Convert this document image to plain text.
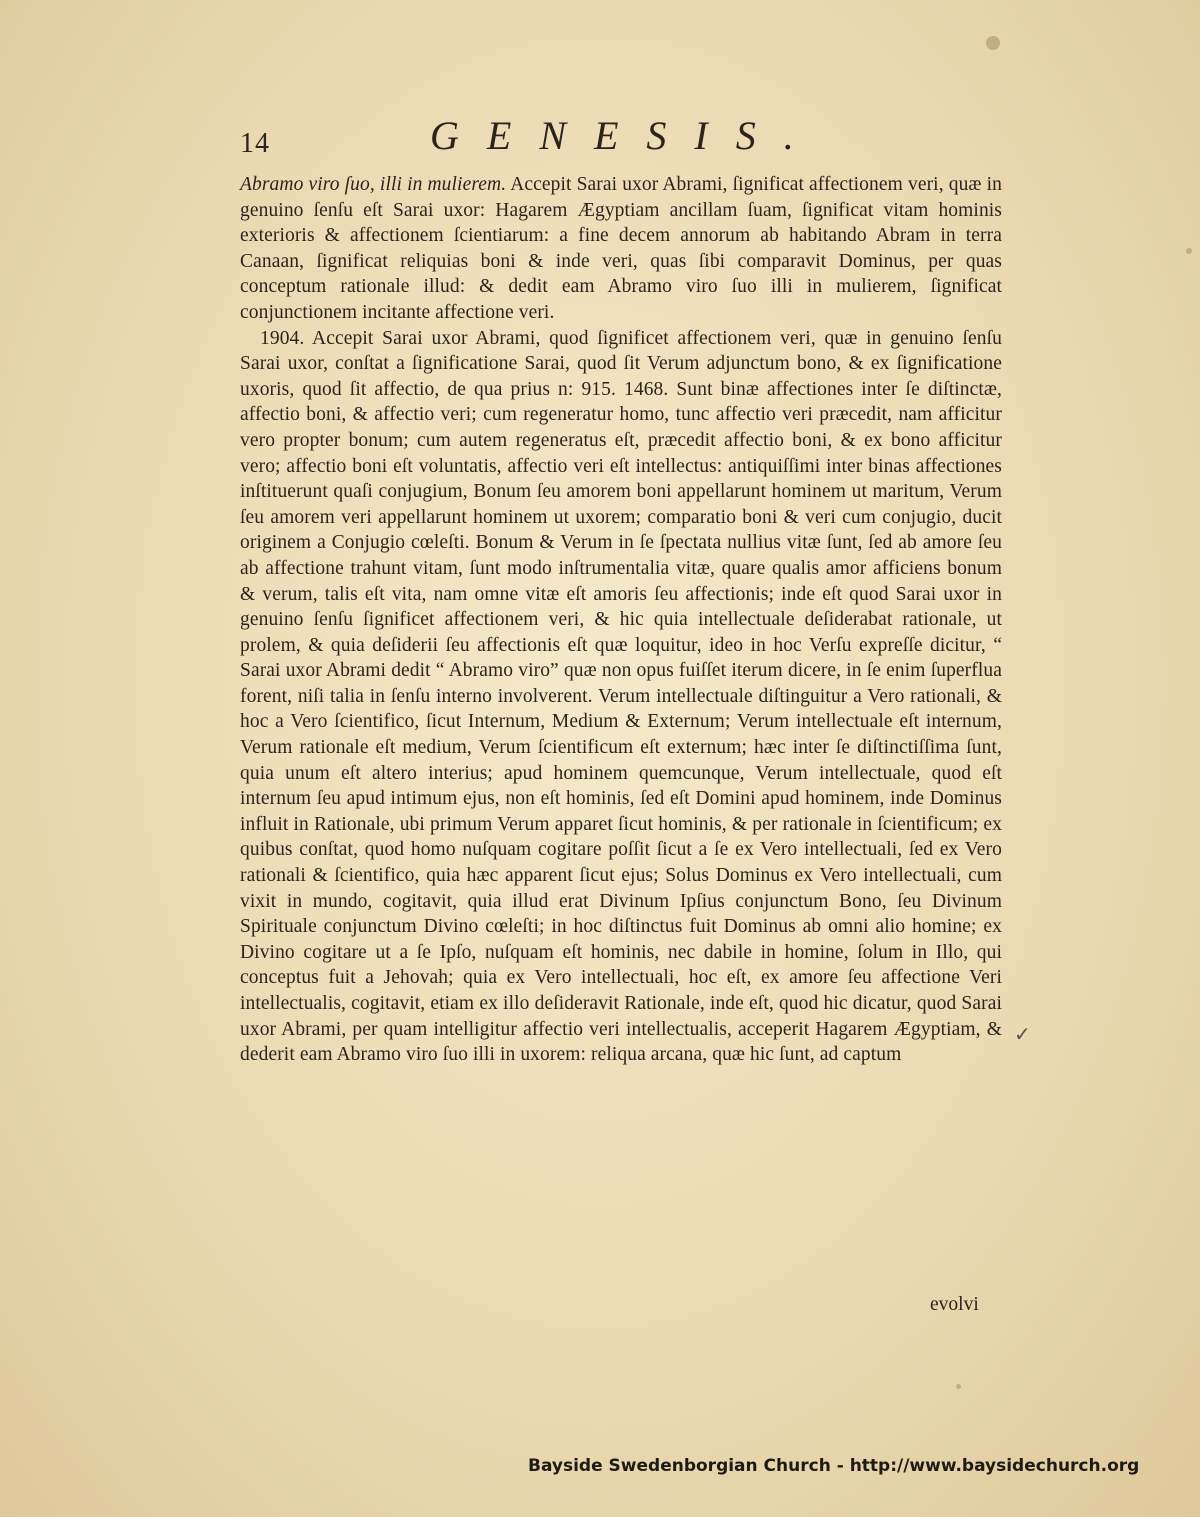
14	GENESIS.

Abramo viro ſuo, illi in mulierem. Accepit Sarai uxor Abrami, ſignificat affectionem veri, quæ in genuino ſenſu eſt Sarai uxor: Hagarem Ægyptiam ancillam ſuam, ſignificat vitam hominis exterioris & affectionem ſcientiarum: a fine decem annorum ab habitando Abram in terra Canaan, ſignificat reliquias boni & inde veri, quas ſibi comparavit Dominus, per quas conceptum rationale illud: & dedit eam Abramo viro ſuo illi in mulierem, ſignificat conjunctionem incitante affectione veri.

1904. Accepit Sarai uxor Abrami, quod ſignificet affectionem veri, quæ in genuino ſenſu Sarai uxor, conſtat a ſignificatione Sarai, quod ſit Verum adjunctum bono, & ex ſignificatione uxoris, quod ſit affectio, de qua prius n: 915. 1468. Sunt binæ affectiones inter ſe diſtinctæ, affectio boni, & affectio veri; cum regeneratur homo, tunc affectio veri præcedit, nam afficitur vero propter bonum; cum autem regeneratus eſt, præcedit affectio boni, & ex bono afficitur vero; affectio boni eſt voluntatis, affectio veri eſt intellectus: antiquiſſimi inter binas affectiones inſtituerunt quaſi conjugium, Bonum ſeu amorem boni appellarunt hominem ut maritum, Verum ſeu amorem veri appellarunt hominem ut uxorem; comparatio boni & veri cum conjugio, ducit originem a Conjugio cœleſti. Bonum & Verum in ſe ſpectata nullius vitæ ſunt, ſed ab amore ſeu ab affectione trahunt vitam, ſunt modo inſtrumentalia vitæ, quare qualis amor afficiens bonum & verum, talis eſt vita, nam omne vitæ eſt amoris ſeu affectionis; inde eſt quod Sarai uxor in genuino ſenſu ſignificet affectionem veri, & hic quia intellectuale deſiderabat rationale, ut prolem, & quia deſiderii ſeu affectionis eſt quæ loquitur, ideo in hoc Verſu expreſſe dicitur, “ Sarai uxor Abrami dedit “ Abramo viro” quæ non opus fuiſſet iterum dicere, in ſe enim ſuperflua forent, niſi talia in ſenſu interno involverent. Verum intellectuale diſtinguitur a Vero rationali, & hoc a Vero ſcientifico, ſicut Internum, Medium & Externum; Verum intellectuale eſt internum, Verum rationale eſt medium, Verum ſcientificum eſt externum; hæc inter ſe diſtinctiſſima ſunt, quia unum eſt altero interius; apud hominem quemcunque, Verum intellectuale, quod eſt internum ſeu apud intimum ejus, non eſt hominis, ſed eſt Domini apud hominem, inde Dominus influit in Rationale, ubi primum Verum apparet ſicut hominis, & per rationale in ſcientificum; ex quibus conſtat, quod homo nuſquam cogitare poſſit ſicut a ſe ex Vero intellectuali, ſed ex Vero rationali & ſcientifico, quia hæc apparent ſicut ejus; Solus Dominus ex Vero intellectuali, cum vixit in mundo, cogitavit, quia illud erat Divinum Ipſius conjunctum Bono, ſeu Divinum Spirituale conjunctum Divino cœleſti; in hoc diſtinctus fuit Dominus ab omni alio homine; ex Divino cogitare ut a ſe Ipſo, nuſquam eſt hominis, nec dabile in homine, ſolum in Illo, qui conceptus fuit a Jehovah; quia ex Vero intellectuali, hoc eſt, ex amore ſeu affectione Veri intellectualis, cogitavit, etiam ex illo deſideravit Rationale, inde eſt, quod hic dicatur, quod Sarai uxor Abrami, per quam intelligitur affectio veri intellectualis, acceperit Hagarem Ægyptiam, & dederit eam Abramo viro ſuo illi in uxorem: reliqua arcana, quæ hic ſunt, ad captum

evolvi
✓
Bayside Swedenborgian Church - http://www.baysidechurch.org
